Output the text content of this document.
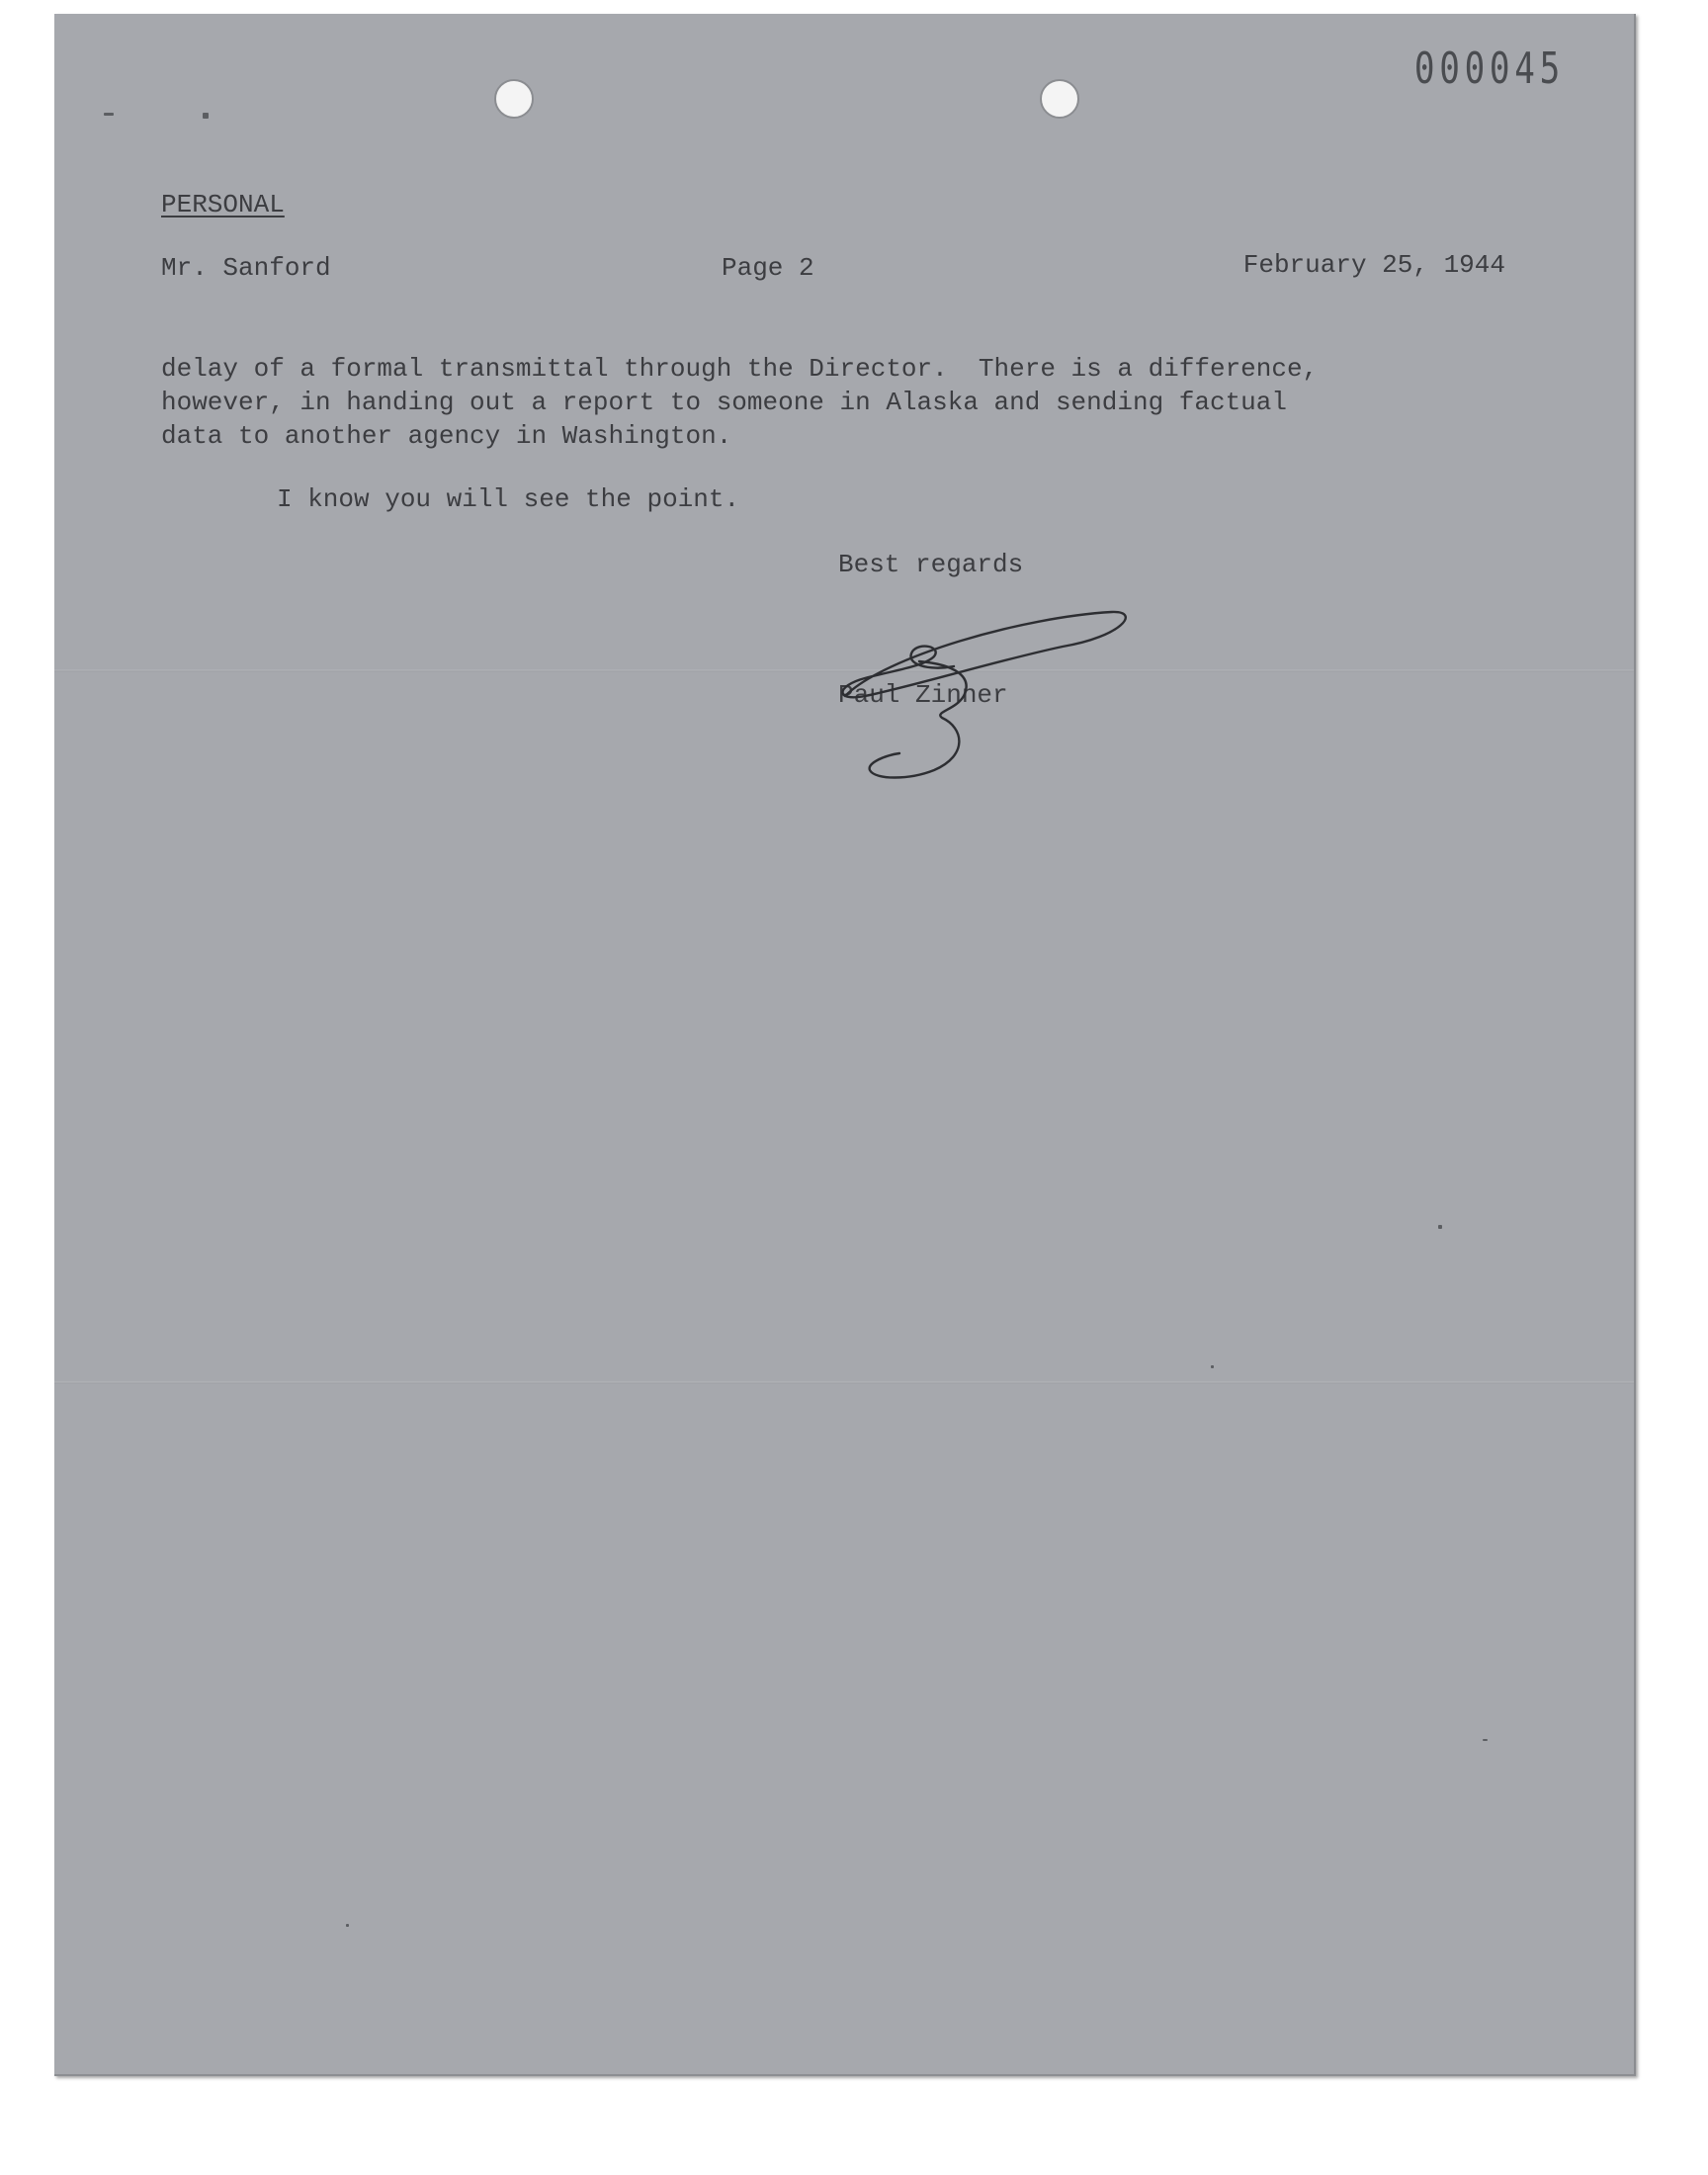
000045
PERSONAL
Mr. Sanford	Page 2	February 25, 1944
delay of a formal transmittal through the Director.  There is a difference,
however, in handing out a report to someone in Alaska and sending factual
data to another agency in Washington.
I know you will see the point.
Best regards
Paul Zinner
